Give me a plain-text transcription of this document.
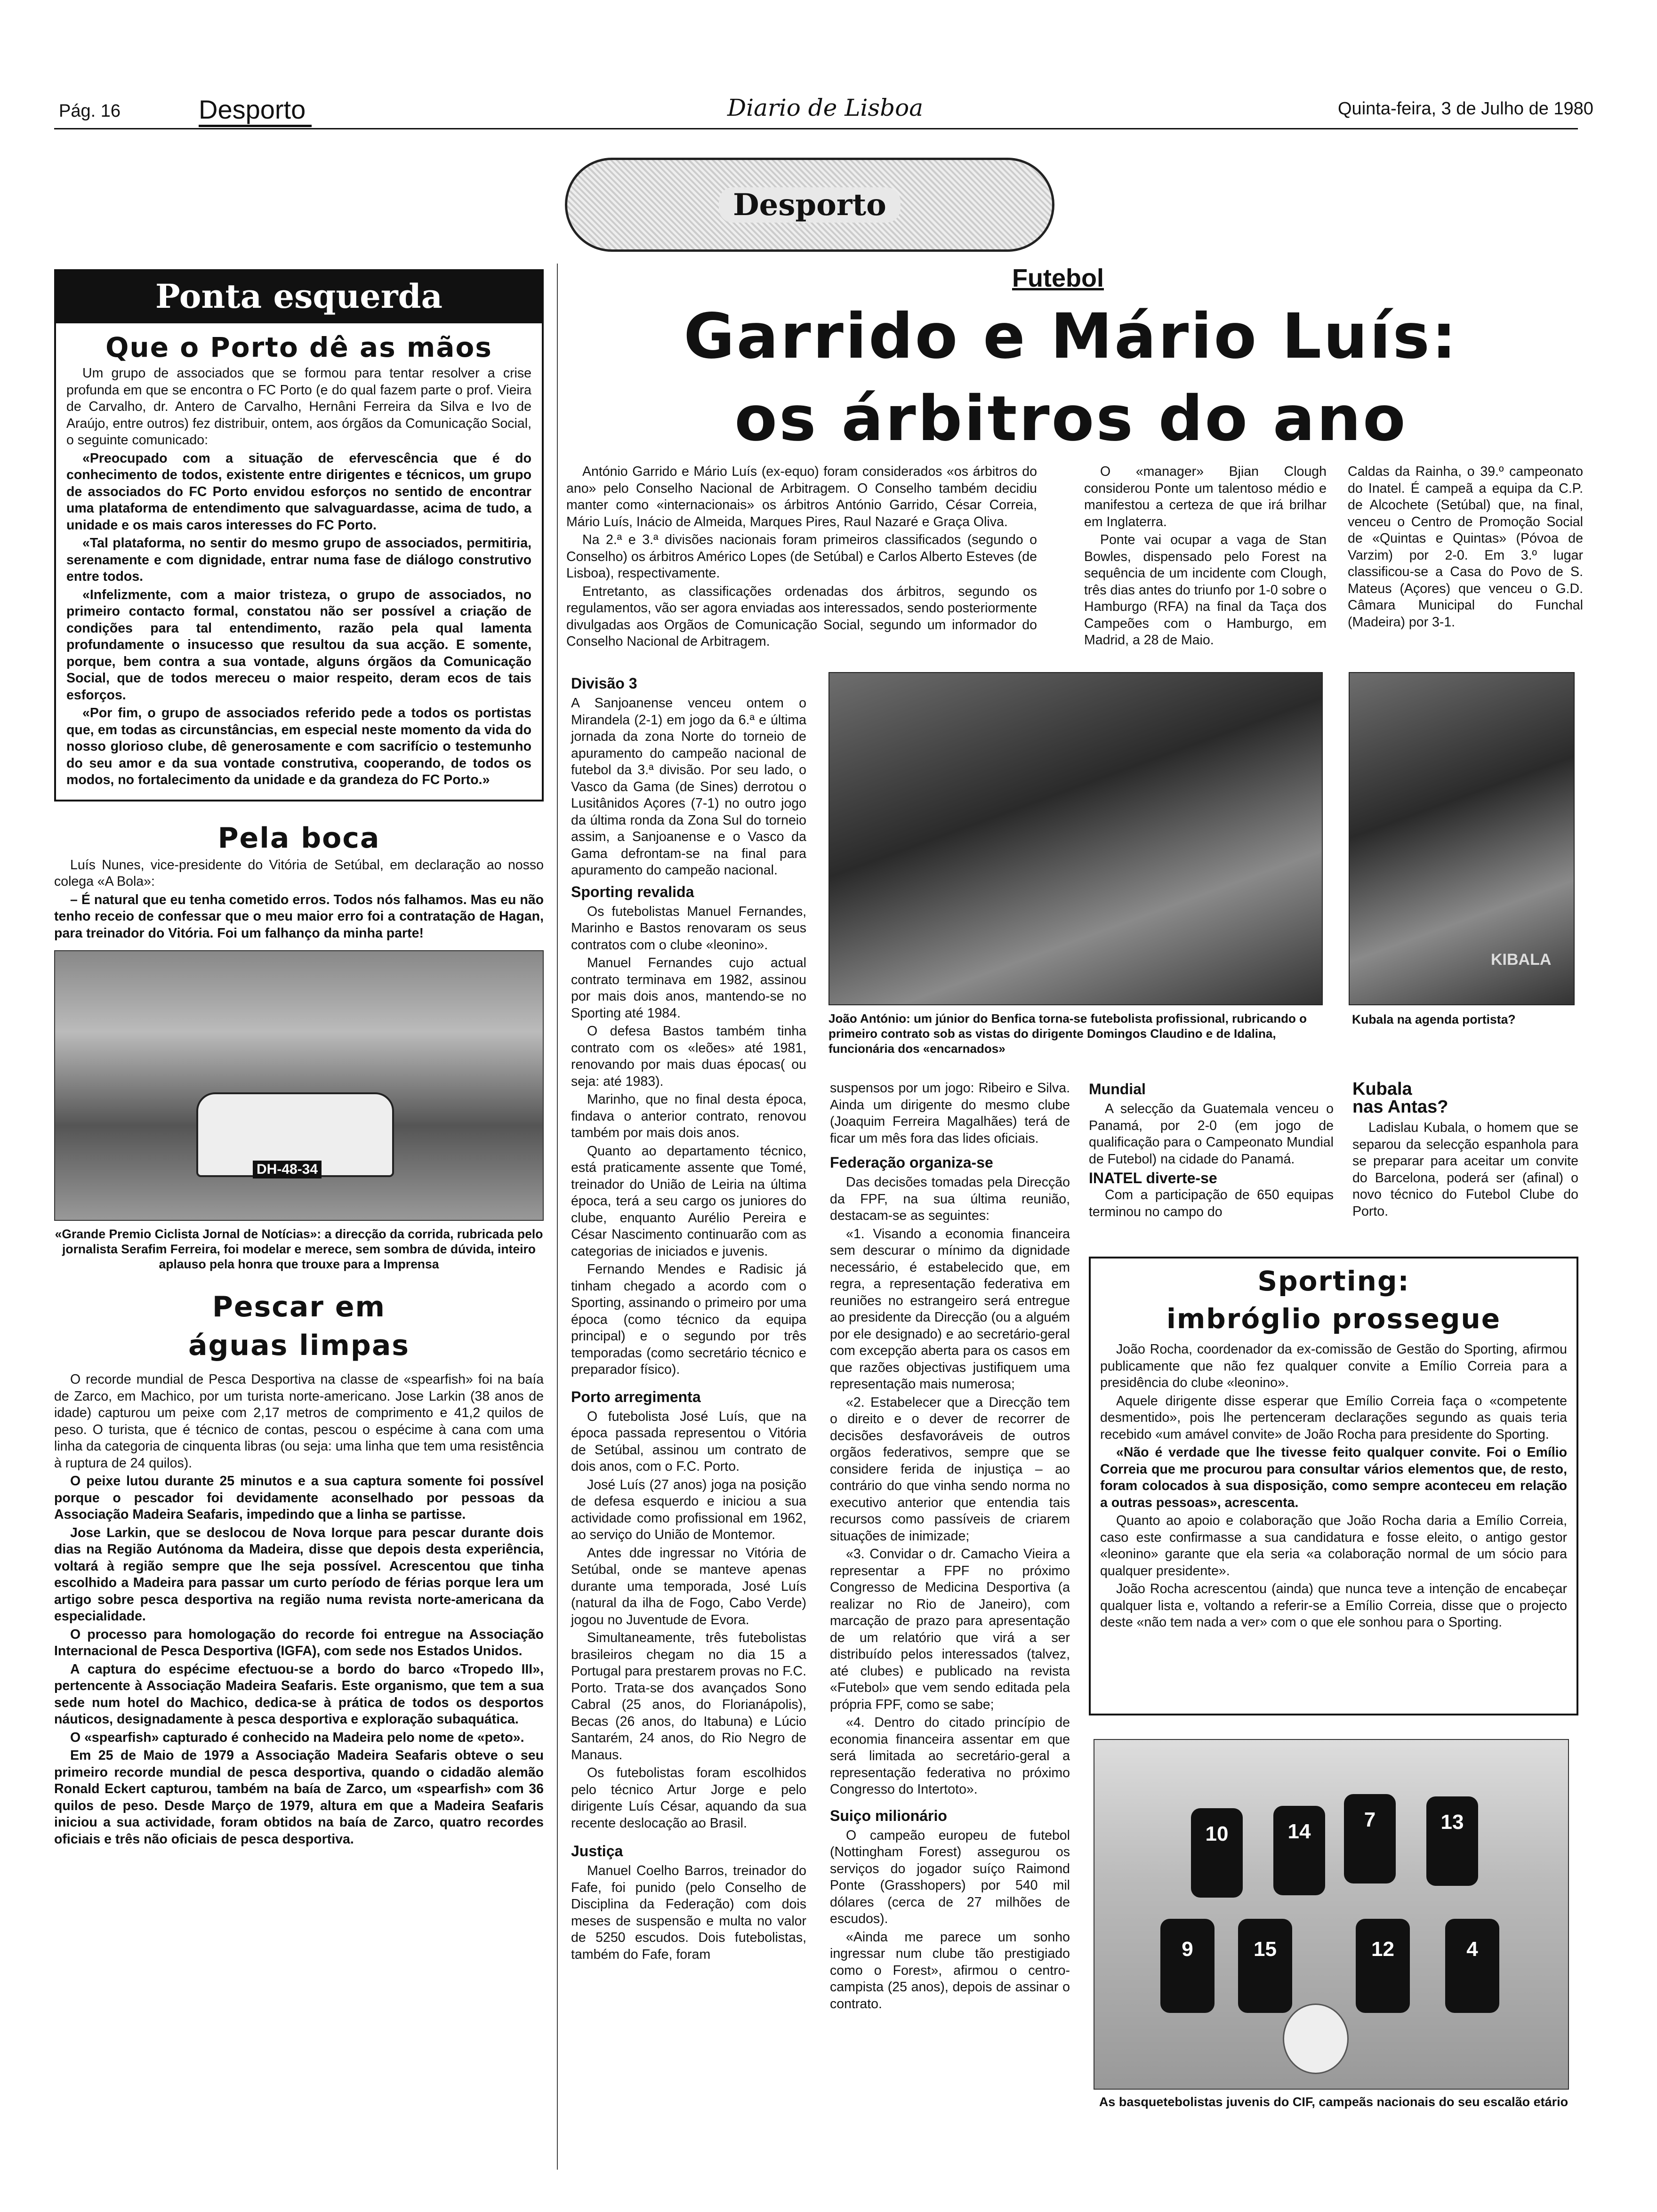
Pág. 16	Desporto	Diario de Lisboa	Quinta-feira, 3 de Julho de 1980
Desporto
Ponta esquerda
Que o Porto dê as mãos

Um grupo de associados que se formou para tentar resolver a crise profunda em que se encontra o FC Porto (e do qual fazem parte o prof. Vieira de Carvalho, dr. Antero de Carvalho, Hernâni Ferreira da Silva e Ivo de Araújo, entre outros) fez distribuir, ontem, aos órgãos da Comunicação Social, o seguinte comunicado:

«Preocupado com a situação de efervescência que é do conhecimento de todos, existente entre dirigentes e técnicos, um grupo de associados do FC Porto envidou esforços no sentido de encontrar uma plataforma de entendimento que salvaguardasse, acima de tudo, a unidade e os mais caros interesses do FC Porto.

«Tal plataforma, no sentir do mesmo grupo de associados, permitiria, serenamente e com dignidade, entrar numa fase de diálogo construtivo entre todos.

«Infelizmente, com a maior tristeza, o grupo de associados, no primeiro contacto formal, constatou não ser possível a criação de condições para tal entendimento, razão pela qual lamenta profundamente o insucesso que resultou da sua acção. E somente, porque, bem contra a sua vontade, alguns órgãos da Comunicação Social, que de todos mereceu o maior respeito, deram ecos de tais esforços.

«Por fim, o grupo de associados referido pede a todos os portistas que, em todas as circunstâncias, em especial neste momento da vida do nosso glorioso clube, dê generosamente e com sacrifício o testemunho do seu amor e da sua vontade construtiva, cooperando, de todos os modos, no fortalecimento da unidade e da grandeza do FC Porto.»

Pela boca

Luís Nunes, vice-presidente do Vitória de Setúbal, em declaração ao nosso colega «A Bola»:

– É natural que eu tenha cometido erros. Todos nós falhamos. Mas eu não tenho receio de confessar que o meu maior erro foi a contratação de Hagan, para treinador do Vitória. Foi um falhanço da minha parte!

DH-48-34
«Grande Premio Ciclista Jornal de Notícias»: a direcção da corrida, rubricada pelo jornalista Serafim Ferreira, foi modelar e merece, sem sombra de dúvida, inteiro aplauso pela honra que trouxe para a Imprensa
Pescar em
águas limpas

O recorde mundial de Pesca Desportiva na classe de «spearfish» foi na baía de Zarco, em Machico, por um turista norte-americano. Jose Larkin (38 anos de idade) capturou um peixe com 2,17 metros de comprimento e 41,2 quilos de peso. O turista, que é técnico de contas, pescou o espécime à cana com uma linha da categoria de cinquenta libras (ou seja: uma linha que tem uma resistência à ruptura de 24 quilos).

O peixe lutou durante 25 minutos e a sua captura somente foi possível porque o pescador foi devidamente aconselhado por pessoas da Associação Madeira Seafaris, impedindo que a linha se partisse.

Jose Larkin, que se deslocou de Nova Iorque para pescar durante dois dias na Região Autónoma da Madeira, disse que depois desta experiência, voltará à região sempre que lhe seja possível. Acrescentou que tinha escolhido a Madeira para passar um curto período de férias porque lera um artigo sobre pesca desportiva na região numa revista norte-americana da especialidade.

O processo para homologação do recorde foi entregue na Associação Internacional de Pesca Desportiva (IGFA), com sede nos Estados Unidos.

A captura do espécime efectuou-se a bordo do barco «Tropedo III», pertencente à Associação Madeira Seafaris. Este organismo, que tem a sua sede num hotel do Machico, dedica-se à prática de todos os desportos náuticos, designadamente à pesca desportiva e exploração subaquática.

O «spearfish» capturado é conhecido na Madeira pelo nome de «peto».

Em 25 de Maio de 1979 a Associação Madeira Seafaris obteve o seu primeiro recorde mundial de pesca desportiva, quando o cidadão alemão Ronald Eckert capturou, também na baía de Zarco, um «spearfish» com 36 quilos de peso. Desde Março de 1979, altura em que a Madeira Seafaris iniciou a sua actividade, foram obtidos na baía de Zarco, quatro recordes oficiais e três não oficiais de pesca desportiva.

Futebol
Garrido e Mário Luís:
os árbitros do ano

António Garrido e Mário Luís (ex-equo) foram considerados «os árbitros do ano» pelo Conselho Nacional de Arbitragem. O Conselho também decidiu manter como «internacionais» os árbitros António Garrido, César Correia, Mário Luís, Inácio de Almeida, Marques Pires, Raul Nazaré e Graça Oliva.

Na 2.ª e 3.ª divisões nacionais foram primeiros classificados (segundo o Conselho) os árbitros Américo Lopes (de Setúbal) e Carlos Alberto Esteves (de Lisboa), respectivamente.

Entretanto, as classificações ordenadas dos árbitros, segundo os regulamentos, vão ser agora enviadas aos interessados, sendo posteriormente divulgadas aos Orgãos de Comunicação Social, segundo um informador do Conselho Nacional de Arbitragem.

O «manager» Bjian Clough considerou Ponte um talentoso médio e manifestou a certeza de que irá brilhar em Inglaterra.

Ponte vai ocupar a vaga de Stan Bowles, dispensado pelo Forest na sequência de um incidente com Clough, três dias antes do triunfo por 1-0 sobre o Hamburgo (RFA) na final da Taça dos Campeões com o Hamburgo, em Madrid, a 28 de Maio.

Caldas da Rainha, o 39.º campeonato do Inatel. É campeã a equipa da C.P. de Alcochete (Setúbal) que, na final, venceu o Centro de Promoção Social de «Quintas e Quintas» (Póvoa de Varzim) por 2-0. Em 3.º lugar classificou-se a Casa do Povo de S. Mateus (Açores) que venceu o G.D. Câmara Municipal do Funchal (Madeira) por 3-1.

Divisão 3

A Sanjoanense venceu ontem o Mirandela (2-1) em jogo da 6.ª e última jornada da zona Norte do torneio de apuramento do campeão nacional de futebol da 3.ª divisão. Por seu lado, o Vasco da Gama (de Sines) derrotou o Lusitânidos Açores (7-1) no outro jogo da última ronda da Zona Sul do torneio assim, a Sanjoanense e o Vasco da Gama defrontam-se na final para apuramento do campeão nacional.

Sporting revalida

Os futebolistas Manuel Fernandes, Marinho e Bastos renovaram os seus contratos com o clube «leonino».

Manuel Fernandes cujo actual contrato terminava em 1982, assinou por mais dois anos, mantendo-se no Sporting até 1984.

O defesa Bastos também tinha contrato com os «leões» até 1981, renovando por mais duas épocas( ou seja: até 1983).

Marinho, que no final desta época, findava o anterior contrato, renovou também por mais dois anos.

Quanto ao departamento técnico, está praticamente assente que Tomé, treinador do União de Leiria na última época, terá a seu cargo os juniores do clube, enquanto Aurélio Pereira e César Nascimento continuarão com as categorias de iniciados e juvenis.

Fernando Mendes e Radisic já tinham chegado a acordo com o Sporting, assinando o primeiro por uma época (como técnico da equipa principal) e o segundo por três temporadas (como secretário técnico e preparador físico).

Porto arregimenta

O futebolista José Luís, que na época passada representou o Vitória de Setúbal, assinou um contrato de dois anos, com o F.C. Porto.

José Luís (27 anos) joga na posição de defesa esquerdo e iniciou a sua actividade como profissional em 1962, ao serviço do União de Montemor.

Antes dde ingressar no Vitória de Setúbal, onde se manteve apenas durante uma temporada, José Luís (natural da ilha de Fogo, Cabo Verde) jogou no Juventude de Evora.

Simultaneamente, três futebolistas brasileiros chegam no dia 15 a Portugal para prestarem provas no F.C. Porto. Trata-se dos avançados Sono Cabral (25 anos, do Florianápolis), Becas (26 anos, do Itabuna) e Lúcio Santarém, 24 anos, do Rio Negro de Manaus.

Os futebolistas foram escolhidos pelo técnico Artur Jorge e pelo dirigente Luís César, aquando da sua recente deslocação ao Brasil.

Justiça

Manuel Coelho Barros, treinador do Fafe, foi punido (pelo Conselho de Disciplina da Federação) com dois meses de suspensão e multa no valor de 5250 escudos. Dois futebolistas, também do Fafe, foram

João António: um júnior do Benfica torna-se futebolista profissional, rubricando o primeiro contrato sob as vistas do dirigente Domingos Claudino e de Idalina, funcionária dos «encarnados»
KIBALA
Kubala na agenda portista?

suspensos por um jogo: Ribeiro e Silva. Ainda um dirigente do mesmo clube (Joaquim Ferreira Magalhães) terá de ficar um mês fora das lides oficiais.

Federação organiza-se

Das decisões tomadas pela Direcção da FPF, na sua última reunião, destacam-se as seguintes:

«1. Visando a economia financeira sem descurar o mínimo da dignidade necessário, é estabelecido que, em regra, a representação federativa em reuniões no estrangeiro será entregue ao presidente da Direcção (ou a alguém por ele designado) e ao secretário-geral com excepção aberta para os casos em que razões objectivas justifiquem uma representação mais numerosa;

«2. Estabelecer que a Direcção tem o direito e o dever de recorrer de decisões desfavoráveis de outros orgãos federativos, sempre que se considere ferida de injustiça – ao contrário do que vinha sendo norma no executivo anterior que entendia tais recursos como passíveis de criarem situações de inimizade;

«3. Convidar o dr. Camacho Vieira a representar a FPF no próximo Congresso de Medicina Desportiva (a realizar no Rio de Janeiro), com marcação de prazo para apresentação de um relatório que virá a ser distribuído pelos interessados (talvez, até clubes) e publicado na revista «Futebol» que vem sendo editada pela própria FPF, como se sabe;

«4. Dentro do citado princípio de economia financeira assentar em que será limitada ao secretário-geral a representação federativa no próximo Congresso do Intertoto».

Suiço milionário

O campeão europeu de futebol (Nottingham Forest) assegurou os serviços do jogador suíço Raimond Ponte (Grasshopers) por 540 mil dólares (cerca de 27 milhões de escudos).

«Ainda me parece um sonho ingressar num clube tão prestigiado como o Forest», afirmou o centro-campista (25 anos), depois de assinar o contrato.

Mundial

A selecção da Guatemala venceu o Panamá, por 2-0 (em jogo de qualificação para o Campeonato Mundial de Futebol) na cidade do Panamá.

INATEL diverte-se

Com a participação de 650 equipas terminou no campo do

Kubala
nas Antas?

Ladislau Kubala, o homem que se separou da selecção espanhola para se preparar para aceitar um convite do Barcelona, poderá ser (afinal) o novo técnico do Futebol Clube do Porto.

Sporting:
imbróglio prossegue

João Rocha, coordenador da ex-comissão de Gestão do Sporting, afirmou publicamente que não fez qualquer convite a Emílio Correia para a presidência do clube «leonino».

Aquele dirigente disse esperar que Emílio Correia faça o «competente desmentido», pois lhe pertenceram declarações segundo as quais teria recebido «um amável convite» de João Rocha para presidente do Sporting.

«Não é verdade que lhe tivesse feito qualquer convite. Foi o Emílio Correia que me procurou para consultar vários elementos que, de resto, foram colocados à sua disposição, como sempre aconteceu em relação a outras pessoas», acrescenta.

Quanto ao apoio e colaboração que João Rocha daria a Emílio Correia, caso este confirmasse a sua candidatura e fosse eleito, o antigo gestor «leonino» garante que ela seria «a colaboração normal de um sócio para qualquer presidente».

João Rocha acrescentou (ainda) que nunca teve a intenção de encabeçar qualquer lista e, voltando a referir-se a Emílio Correia, disse que o projecto deste «não tem nada a ver» com o que ele sonhou para o Sporting.

10	14
7	13
9	15	12	4
As basquetebolistas juvenis do CIF, campeãs nacionais do seu escalão etário
